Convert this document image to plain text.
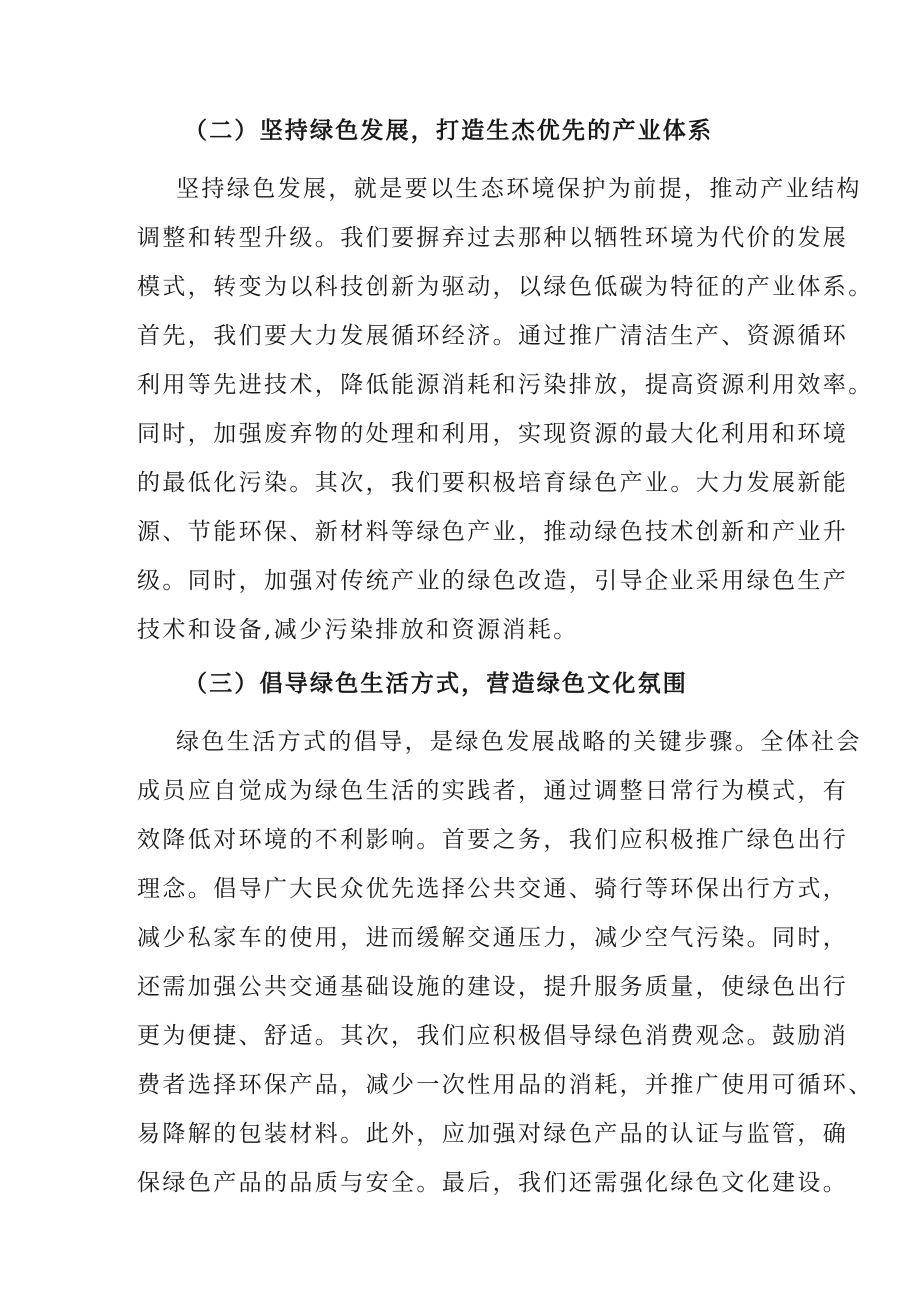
（二）坚持绿色发展，打造生杰优先的产业体系

坚持绿色发展，就是要以生态环境保护为前提，推动产业结构

调整和转型升级。我们要摒弃过去那种以牺牲环境为代价的发展

模式，转变为以科技创新为驱动，以绿色低碳为特征的产业体系。

首先，我们要大力发展循环经济。通过推广清洁生产、资源循环

利用等先进技术，降低能源消耗和污染排放，提高资源利用效率。

同时，加强废弃物的处理和利用，实现资源的最大化利用和环境

的最低化污染。其次，我们要积极培育绿色产业。大力发展新能

源、节能环保、新材料等绿色产业，推动绿色技术创新和产业升

级。同时，加强对传统产业的绿色改造，引导企业采用绿色生产

技术和设备,减少污染排放和资源消耗。

（三）倡导绿色生活方式，营造绿色文化氛围

绿色生活方式的倡导，是绿色发展战略的关键步骤。全体社会

成员应自觉成为绿色生活的实践者，通过调整日常行为模式，有

效降低对环境的不利影响。首要之务，我们应积极推广绿色出行

理念。倡导广大民众优先选择公共交通、骑行等环保出行方式，

减少私家车的使用，进而缓解交通压力，减少空气污染。同时，

还需加强公共交通基础设施的建设，提升服务质量，使绿色出行

更为便捷、舒适。其次，我们应积极倡导绿色消费观念。鼓励消

费者选择环保产品，减少一次性用品的消耗，并推广使用可循环、

易降解的包装材料。此外，应加强对绿色产品的认证与监管，确

保绿色产品的品质与安全。最后，我们还需强化绿色文化建设。
